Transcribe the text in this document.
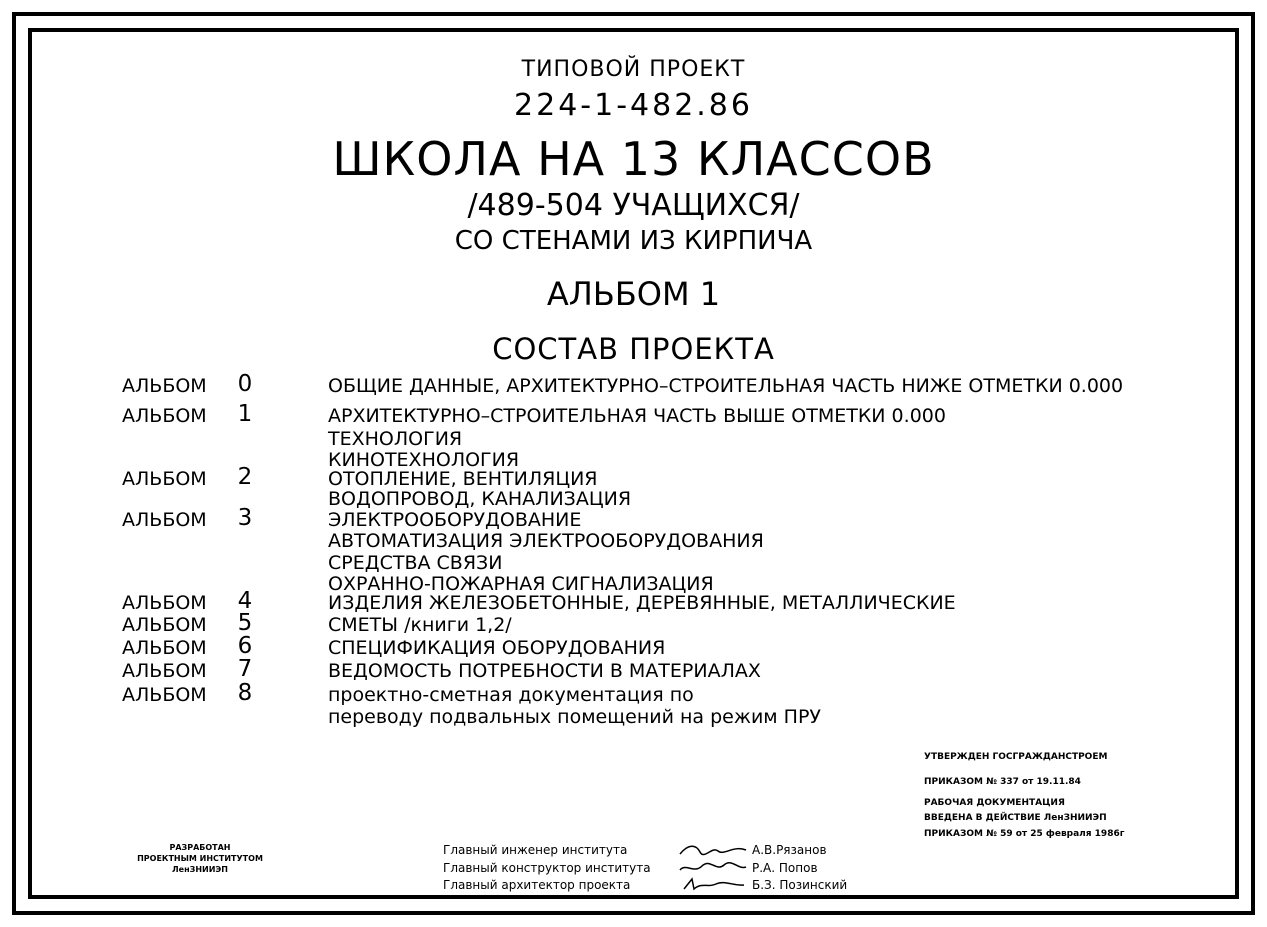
ТИПОВОЙ ПРОЕКТ
224-1-482.86
ШКОЛА НА 13 КЛАССОВ
/489-504 УЧАЩИХСЯ/
СО СТЕНАМИ ИЗ КИРПИЧА
АЛЬБОМ 1
СОСТАВ ПРОЕКТА
АЛЬБОМ	0	ОБЩИЕ ДАННЫЕ, АРХИТЕКТУРНО–СТРОИТЕЛЬНАЯ ЧАСТЬ НИЖЕ ОТМЕТКИ 0.000
АЛЬБОМ	1	АРХИТЕКТУРНО–СТРОИТЕЛЬНАЯ ЧАСТЬ ВЫШЕ ОТМЕТКИ 0.000
ТЕХНОЛОГИЯ
КИНОТЕХНОЛОГИЯ
АЛЬБОМ	2	ОТОПЛЕНИЕ, ВЕНТИЛЯЦИЯ
ВОДОПРОВОД, КАНАЛИЗАЦИЯ
АЛЬБОМ	3	ЭЛЕКТРООБОРУДОВАНИЕ
АВТОМАТИЗАЦИЯ ЭЛЕКТРООБОРУДОВАНИЯ
СРЕДСТВА СВЯЗИ
ОХРАННО-ПОЖАРНАЯ СИГНАЛИЗАЦИЯ
АЛЬБОМ	4	ИЗДЕЛИЯ ЖЕЛЕЗОБЕТОННЫЕ, ДЕРЕВЯННЫЕ, МЕТАЛЛИЧЕСКИЕ
АЛЬБОМ	5	СМЕТЫ /книги 1,2/
АЛЬБОМ	6	СПЕЦИФИКАЦИЯ ОБОРУДОВАНИЯ
АЛЬБОМ	7	ВЕДОМОСТЬ ПОТРЕБНОСТИ В МАТЕРИАЛАХ
АЛЬБОМ	8	проектно-сметная документация по
переводу подвальных помещений на режим ПРУ
УТВЕРЖДЕН ГОСГРАЖДАНСТРОЕМ
ПРИКАЗОМ № 337 от 19.11.84
РАБОЧАЯ ДОКУМЕНТАЦИЯ
ВВЕДЕНА В ДЕЙСТВИЕ ЛенЗНИИЭП
ПРИКАЗОМ № 59 от 25 февраля 1986г
РАЗРАБОТАН
ПРОЕКТНЫМ ИНСТИТУТОМ
ЛенЗНИИЭП
Главный инженер института	А.В.Рязанов
Главный конструктор института	Р.А. Попов
Главный архитектор проекта	Б.З. Позинский
